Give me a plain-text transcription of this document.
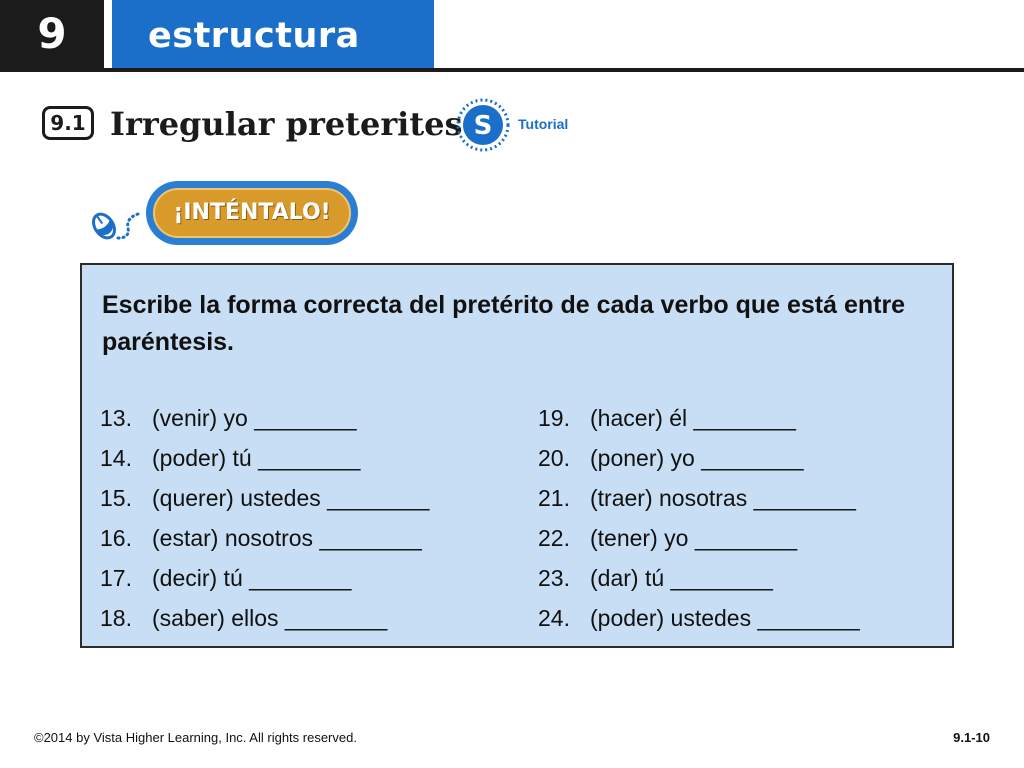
9	estructura
9.1 Irregular preterites S Tutorial
¡INTÉNTALO!
Escribe la forma correcta del pretérito de cada verbo que está entre paréntesis.
13. (venir) yo ________
14. (poder) tú ________
15. (querer) ustedes ________
16. (estar) nosotros ________
17. (decir) tú ________
18. (saber) ellos ________
19. (hacer) él ________
20. (poner) yo ________
21. (traer) nosotras ________
22. (tener) yo ________
23. (dar) tú ________
24. (poder) ustedes ________
©2014 by Vista Higher Learning, Inc. All rights reserved.	9.1-10
